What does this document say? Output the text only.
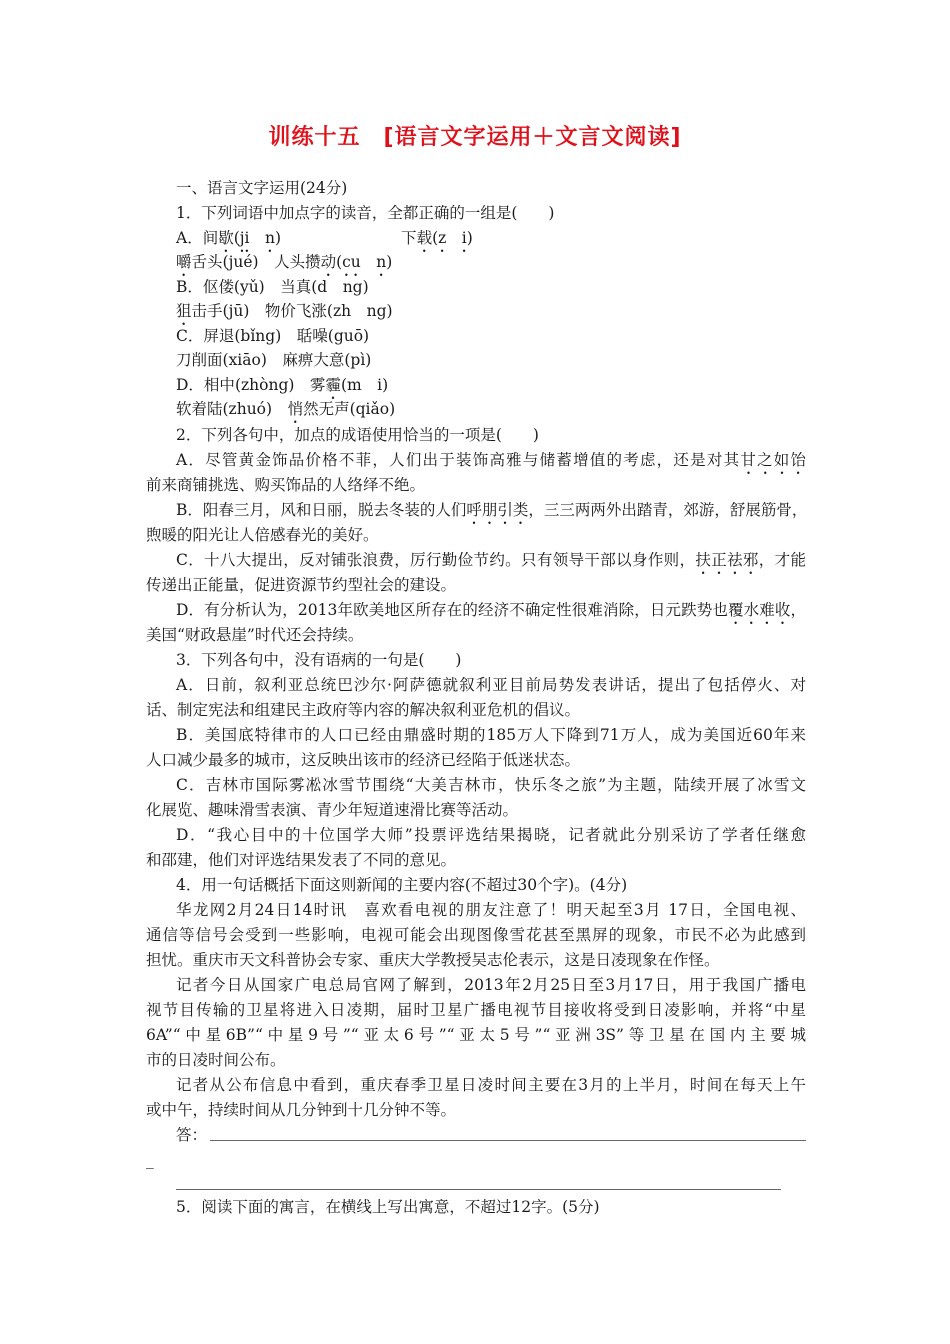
训练十五　[语言文字运用＋文言文阅读]
一、语言文字运用(24分)
1．下列词语中加点字的读音，全都正确的一组是(　　)
A．间歇(ji　n)	下载(z　i)
嚼舌头(jué)　人头攒动(cu　n)
B．伛偻(yǔ)　当真(d　ng)
狙击手(jū)　物价飞涨(zh　ng)
C．屏退(bǐng)　聒噪(guō)
刀削面(xiāo)　麻痹大意(pì)
D．相中(zhòng)　雾霾(m　i)
软着陆(zhuó)　悄然无声(qiǎo)
2．下列各句中，加点的成语使用恰当的一项是(　　)
A．尽管黄金饰品价格不菲，人们出于装饰高雅与储蓄增值的考虑，还是对其甘之如饴
前来商铺挑选、购买饰品的人络绎不绝。
B．阳春三月，风和日丽，脱去冬装的人们呼朋引类，三三两两外出踏青，郊游，舒展筋骨，
煦暖的阳光让人倍感春光的美好。
C．十八大提出，反对铺张浪费，厉行勤俭节约。只有领导干部以身作则，扶正祛邪，才能
传递出正能量，促进资源节约型社会的建设。
D．有分析认为，2013年欧美地区所存在的经济不确定性很难消除，日元跌势也覆水难收，
美国“财政悬崖”时代还会持续。
3．下列各句中，没有语病的一句是(　　)
A．日前，叙利亚总统巴沙尔·阿萨德就叙利亚目前局势发表讲话，提出了包括停火、对
话、制定宪法和组建民主政府等内容的解决叙利亚危机的倡议。
B．美国底特律市的人口已经由鼎盛时期的185万人下降到71万人，成为美国近60年来
人口减少最多的城市，这反映出该市的经济已经陷于低迷状态。
C．吉林市国际雾凇冰雪节围绕“大美吉林市，快乐冬之旅”为主题，陆续开展了冰雪文
化展览、趣味滑雪表演、青少年短道速滑比赛等活动。
D．“我心目中的十位国学大师”投票评选结果揭晓，记者就此分别采访了学者任继愈
和邵建，他们对评选结果发表了不同的意见。
4．用一句话概括下面这则新闻的主要内容(不超过30个字)。(4分)
华龙网2月24日14时讯　喜欢看电视的朋友注意了！明天起至3月 17日，全国电视、
通信等信号会受到一些影响，电视可能会出现图像雪花甚至黑屏的现象，市民不必为此感到
担忧。重庆市天文科普协会专家、重庆大学教授吴志伦表示，这是日凌现象在作怪。
记者今日从国家广电总局官网了解到，2013年2月25日至3月17日，用于我国广播电
视节目传输的卫星将进入日凌期，届时卫星广播电视节目接收将受到日凌影响，并将“中星
6A”“中星6B”“中星9号”“亚太6号”“亚太5号”“亚洲3S”等卫星在国内主要城
市的日凌时间公布。
记者从公布信息中看到，重庆春季卫星日凌时间主要在3月的上半月，时间在每天上午
或中午，持续时间从几分钟到十几分钟不等。
答：
_
5．阅读下面的寓言，在横线上写出寓意，不超过12字。(5分)
